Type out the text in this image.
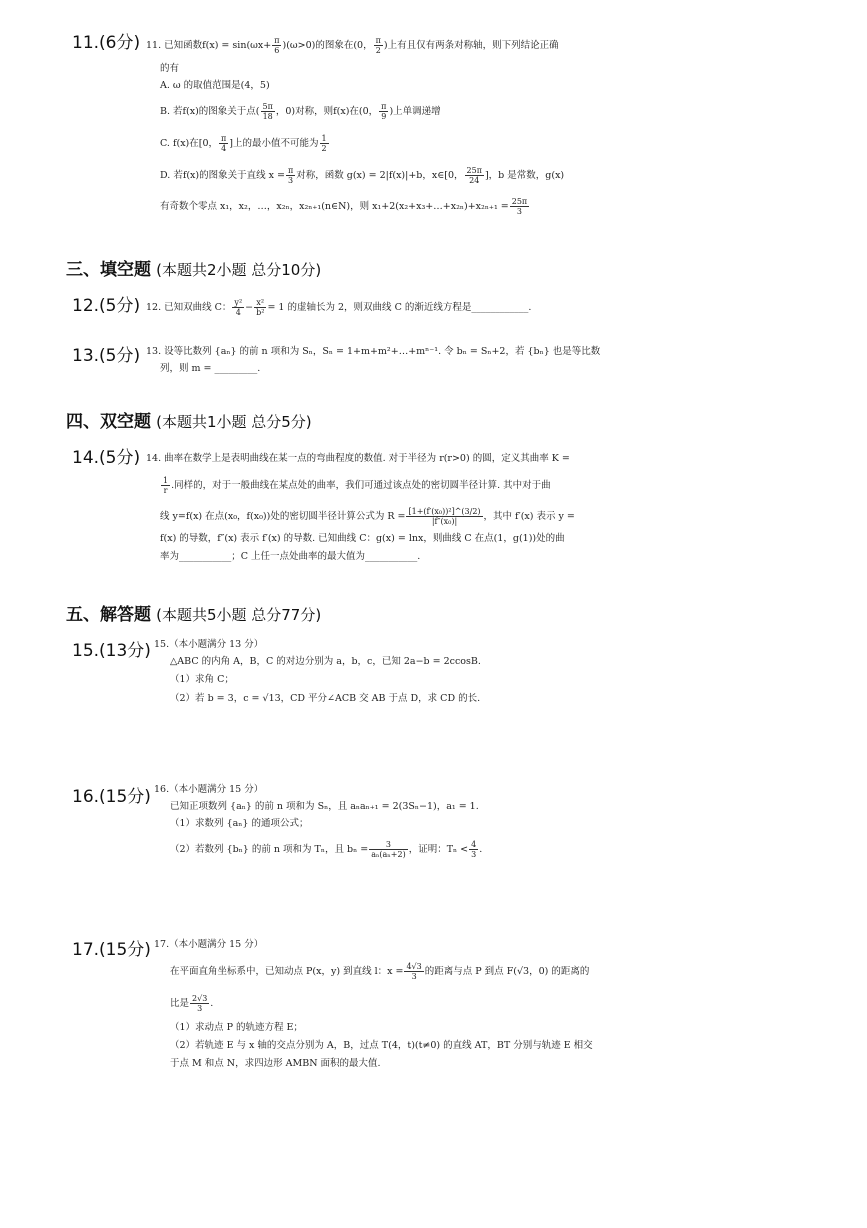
11.(6分) 11. 已知函数$f(x) = \sin(\omega x+ \frac{\pi}{6} )(\omega>0)$的图象在(0， $\frac{\pi}{2}$ )上有且仅有两条对称轴，则下列结论正确
的有
A. ω 的取值范围是(4，5)
B. 若f(x)的图象关于点( $\frac{5\pi}{18}$ ，0)对称，则f(x)在(0， $\frac{\pi}{9}$ )上单调递增
C. f(x)在[0， $\frac{\pi}{4}$ ]上的最小值不可能为 $\frac{1}{2}$
D. 若f(x)的图象关于直线 $x = \frac{\pi}{3}$ 对称，函数 g(x) = 2|f(x)|+b，x∈[0， $\frac{25\pi}{24}$ ]，b 是常数，g(x)
有奇数个零点 x₁，x₂，…，x₂ₙ，x₂ₙ₊₁(n∈N)，则 x₁+2(x₂+x₃+…+x₂ₙ)+x₂ₙ₊₁ = $\frac{25\pi}{3}$
三、填空题 (本题共2小题 总分10分)
12.(5分) 12. 已知双曲线 C： $\frac{\text{y²}}{4} - \frac{\text{x²}}{\text{b²}} = 1$ 的虚轴长为 2，则双曲线 C 的渐近线方程是____________.
13.(5分) 13. 设等比数列 {aₙ} 的前 n 项和为 Sₙ，Sₙ = 1+m+m²+…+mⁿ⁻¹. 令 bₙ = Sₙ+2，若 {bₙ} 也是等比数
列，则 m = _________.
四、双空题 (本题共1小题 总分5分)
14.(5分) 14. 曲率在数学上是表明曲线在某一点的弯曲程度的数值. 对于半径为 r(r>0) 的圆，定义其曲率 K =
$\frac{1}{r}$ .同样的，对于一般曲线在某点处的曲率，我们可通过该点处的密切圆半径计算. 其中对于曲
线 y=f(x) 在点(x₀，f(x₀))处的密切圆半径计算公式为 $R = \frac{\text{[1+(f′(x₀))²]\textasciicircum{}(3/2)}}{\text{|f″(x₀)|}}$ ，其中 f′(x) 表示 y =
f(x) 的导数，f″(x) 表示 f′(x) 的导数. 已知曲线 C：g(x) = lnx，则曲线 C 在点(1，g(1))处的曲
率为___________；C 上任一点处曲率的最大值为___________.
五、解答题 (本题共5小题 总分77分)
15.(13分) 15.（本小题满分 13 分）
△ABC 的内角 A，B，C 的对边分别为 a，b，c，已知 2a−b = 2ccosB.
（1）求角 C；
（2）若 b = 3，c = √13，CD 平分∠ACB 交 AB 于点 D，求 CD 的长.
16.(15分) 16.（本小题满分 15 分）
已知正项数列 {aₙ} 的前 n 项和为 Sₙ，且 aₙaₙ₊₁ = 2(3Sₙ−1)，a₁ = 1.
（1）求数列 {aₙ} 的通项公式；
（2）若数列 {bₙ} 的前 n 项和为 Tₙ，且 $b_n = \frac{3}{\text{aₙ(aₙ+2)}}$ ，证明：$T_n < \frac{4}{3}$ .
17.(15分) 17.（本小题满分 15 分）
在平面直角坐标系中，已知动点 P(x，y) 到直线 l：$x = \frac{4√3}{3}$ 的距离与点 P 到点 F(√3，0) 的距离的
比是 $\frac{2√3}{3}$ .
（1）求动点 P 的轨迹方程 E；
（2）若轨迹 E 与 x 轴的交点分别为 A，B，过点 T(4，t)(t≠0) 的直线 AT，BT 分别与轨迹 E 相交
于点 M 和点 N，求四边形 AMBN 面积的最大值.
